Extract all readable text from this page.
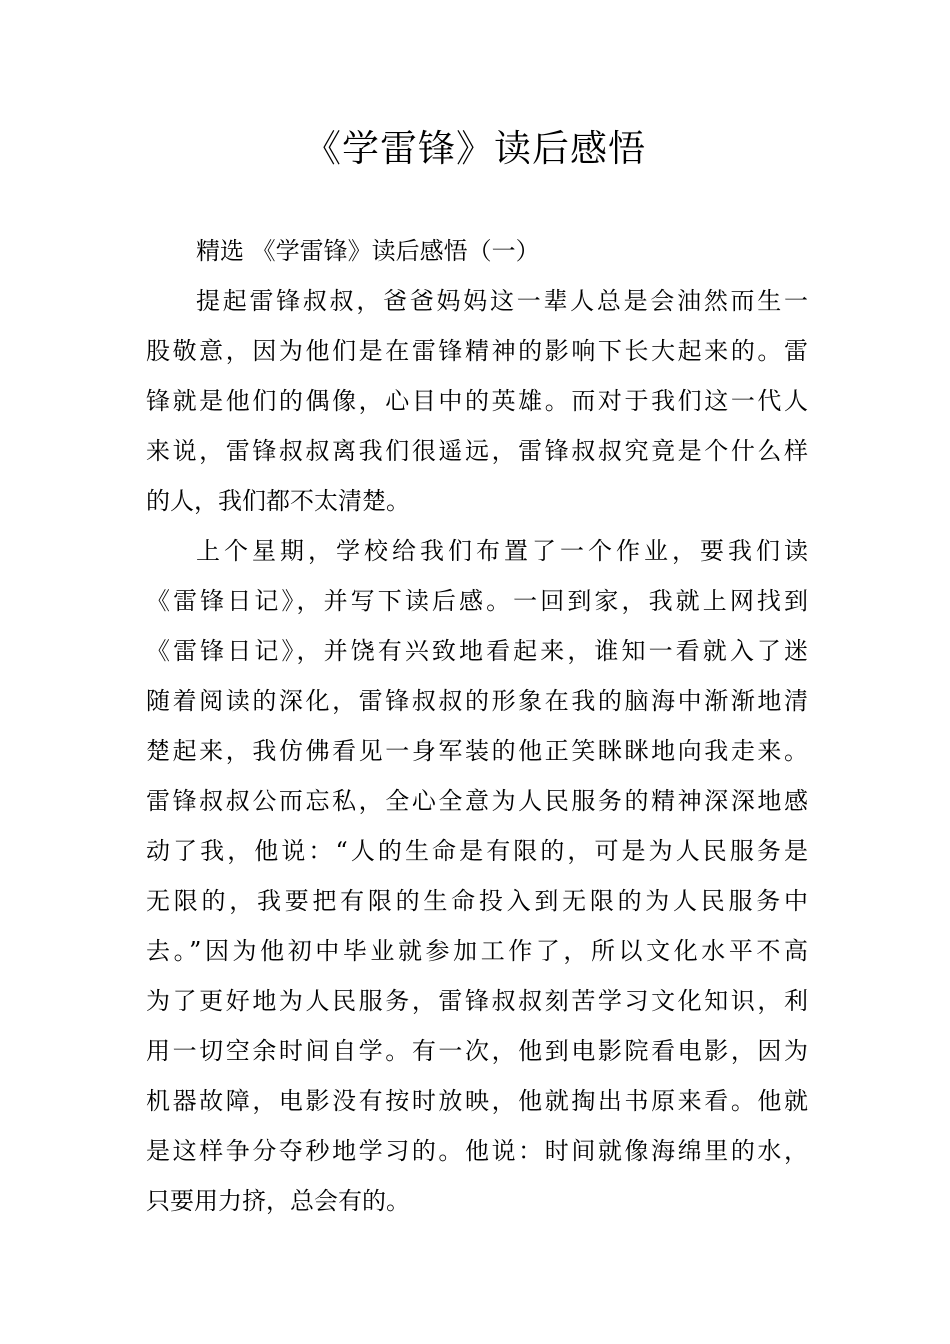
《学雷锋》读后感悟
精选 《学雷锋》读后感悟（一）
提起雷锋叔叔，爸爸妈妈这一辈人总是会油然而生一
股敬意，因为他们是在雷锋精神的影响下长大起来的。雷
锋就是他们的偶像，心目中的英雄。而对于我们这一代人
来说，雷锋叔叔离我们很遥远，雷锋叔叔究竟是个什么样
的人，我们都不太清楚。
上个星期，学校给我们布置了一个作业，要我们读
《雷锋日记》，并写下读后感。一回到家，我就上网找到
《雷锋日记》，并饶有兴致地看起来，谁知一看就入了迷
随着阅读的深化，雷锋叔叔的形象在我的脑海中渐渐地清
楚起来，我仿佛看见一身军装的他正笑眯眯地向我走来。
雷锋叔叔公而忘私，全心全意为人民服务的精神深深地感
动了我，他说：“人的生命是有限的，可是为人民服务是
无限的，我要把有限的生命投入到无限的为人民服务中
去。”因为他初中毕业就参加工作了，所以文化水平不高
为了更好地为人民服务，雷锋叔叔刻苦学习文化知识，利
用一切空余时间自学。有一次，他到电影院看电影，因为
机器故障，电影没有按时放映，他就掏出书原来看。他就
是这样争分夺秒地学习的。他说：时间就像海绵里的水，
只要用力挤，总会有的。
